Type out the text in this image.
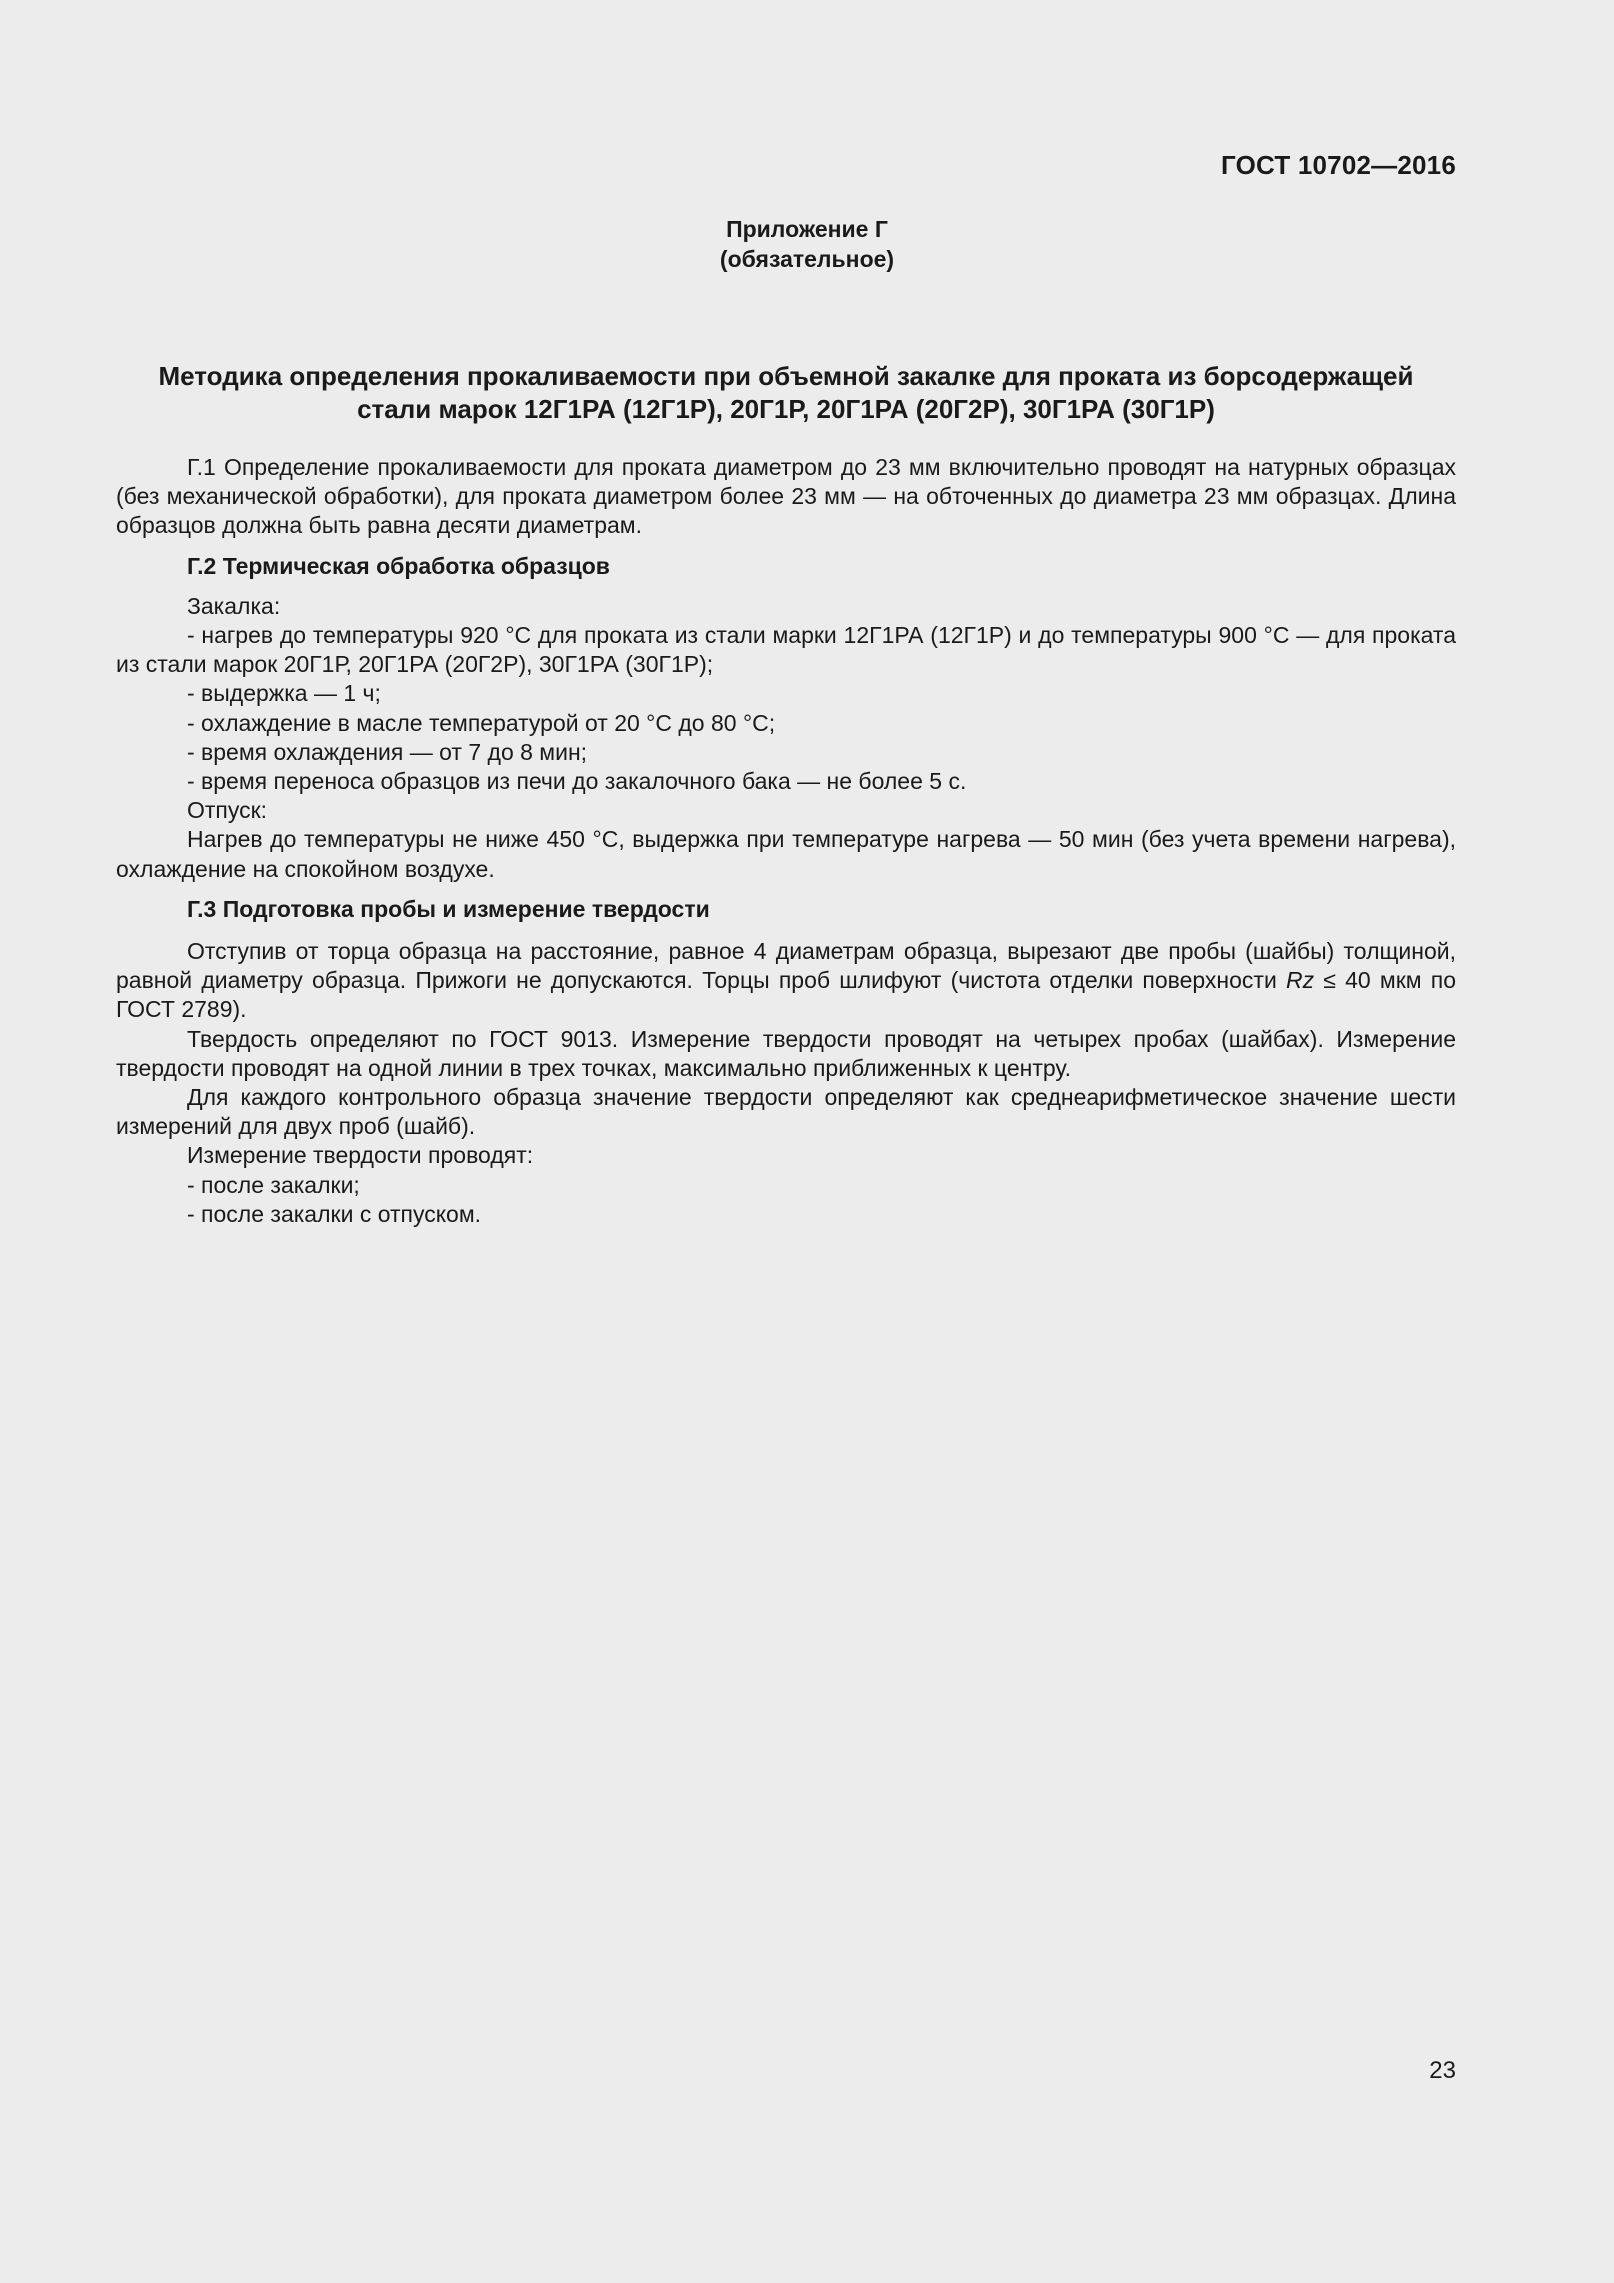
ГОСТ 10702—2016
Приложение Г
(обязательное)
Методика определения прокаливаемости при объемной закалке для проката из борсодержащей
стали марок 12Г1РА (12Г1Р), 20Г1Р, 20Г1РА (20Г2Р), 30Г1РА (30Г1Р)

Г.1 Определение прокаливаемости для проката диаметром до 23 мм включительно проводят на натурных образцах (без механической обработки), для проката диаметром более 23 мм — на обточенных до диаметра 23 мм образцах. Длина образцов должна быть равна десяти диаметрам.

Г.2 Термическая обработка образцов

Закалка:

- нагрев до температуры 920 °С для проката из стали марки 12Г1РА (12Г1Р) и до температуры 900 °С — для проката из стали марок 20Г1Р, 20Г1РА (20Г2Р), 30Г1РА (30Г1Р);

- выдержка — 1 ч;

- охлаждение в масле температурой от 20 °С до 80 °С;

- время охлаждения — от 7 до 8 мин;

- время переноса образцов из печи до закалочного бака — не более 5 с.

Отпуск:

Нагрев до температуры не ниже 450 °С, выдержка при температуре нагрева — 50 мин (без учета времени нагрева), охлаждение на спокойном воздухе.

Г.3 Подготовка пробы и измерение твердости

Отступив от торца образца на расстояние, равное 4 диаметрам образца, вырезают две пробы (шайбы) толщиной, равной диаметру образца. Прижоги не допускаются. Торцы проб шлифуют (чистота отделки поверхности Rz ≤ 40 мкм по ГОСТ 2789).

Твердость определяют по ГОСТ 9013. Измерение твердости проводят на четырех пробах (шайбах). Измерение твердости проводят на одной линии в трех точках, максимально приближенных к центру.

Для каждого контрольного образца значение твердости определяют как среднеарифметическое значение шести измерений для двух проб (шайб).

Измерение твердости проводят:

- после закалки;

- после закалки с отпуском.

23
